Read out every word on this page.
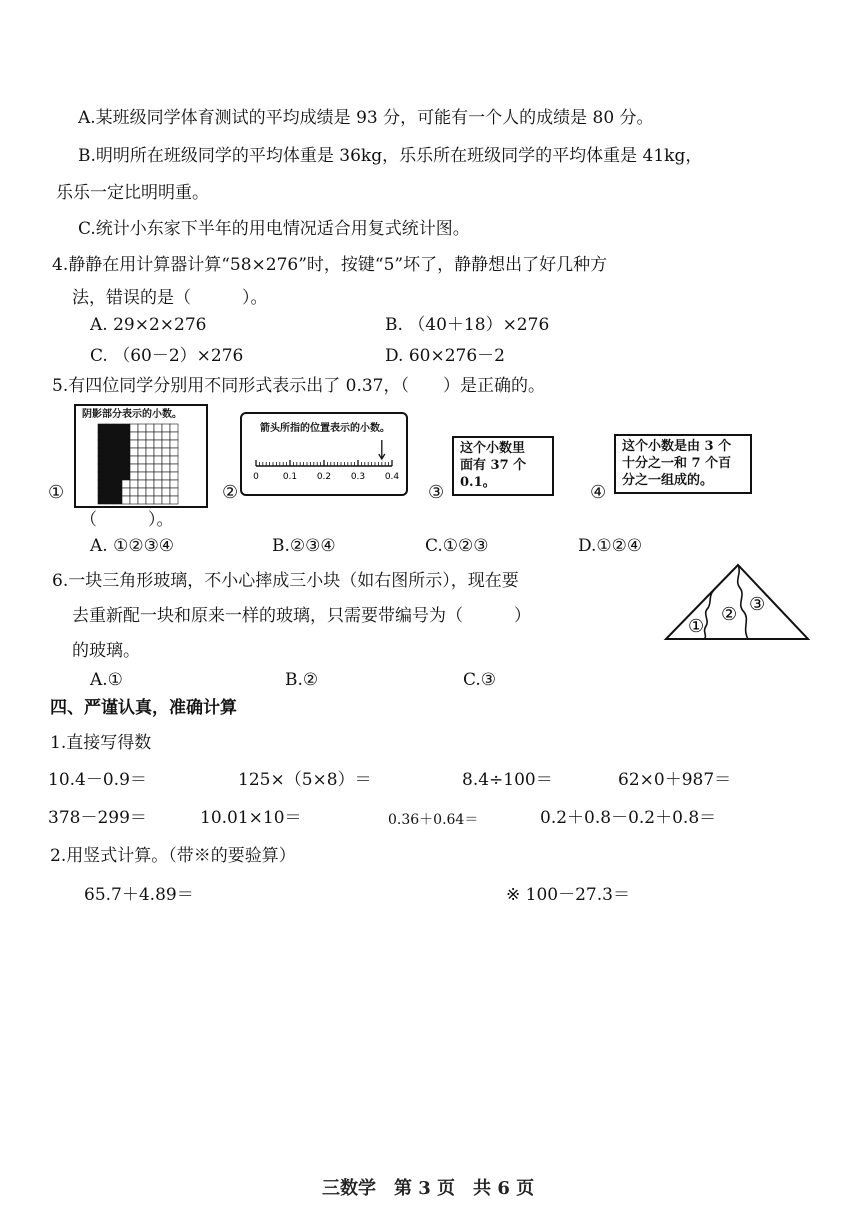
A.某班级同学体育测试的平均成绩是 93 分，可能有一个人的成绩是 80 分。
B.明明所在班级同学的平均体重是 36kg，乐乐所在班级同学的平均体重是 41kg，
乐乐一定比明明重。
C.统计小东家下半年的用电情况适合用复式统计图。
4.静静在用计算器计算“58×276”时，按键“5”坏了，静静想出了好几种方
法，错误的是（　　　）。
A. 29×2×276	B. （40＋18）×276
C. （60－2）×276	D. 60×276－2
5.有四位同学分别用不同形式表示出了 0.37，（　　）是正确的。
①
阴影部分表示的小数。
②
箭头所指的位置表示的小数。
0	0.1 0.2 0.3 0.4
③
这个小数里
面有 37 个
0.1。	④
这个小数是由 3 个
十分之一和 7 个百
分之一组成的。
（　　　）。
A. ①②③④	B.②③④	C.①②③	D.①②④
6.一块三角形玻璃，不小心摔成三小块（如右图所示），现在要
去重新配一块和原来一样的玻璃，只需要带编号为（　　　）
的玻璃。
A.①	B.②	C.③
①
② ③
四、严谨认真，准确计算
1.直接写得数
10.4－0.9＝	125×（5×8）＝	8.4÷100＝	62×0＋987＝
378－299＝	10.01×10＝	0.36＋0.64＝	0.2＋0.8－0.2＋0.8＝
2.用竖式计算。（带※的要验算）
65.7＋4.89＝	※ 100－27.3＝
三数学　第 3 页　共 6 页
